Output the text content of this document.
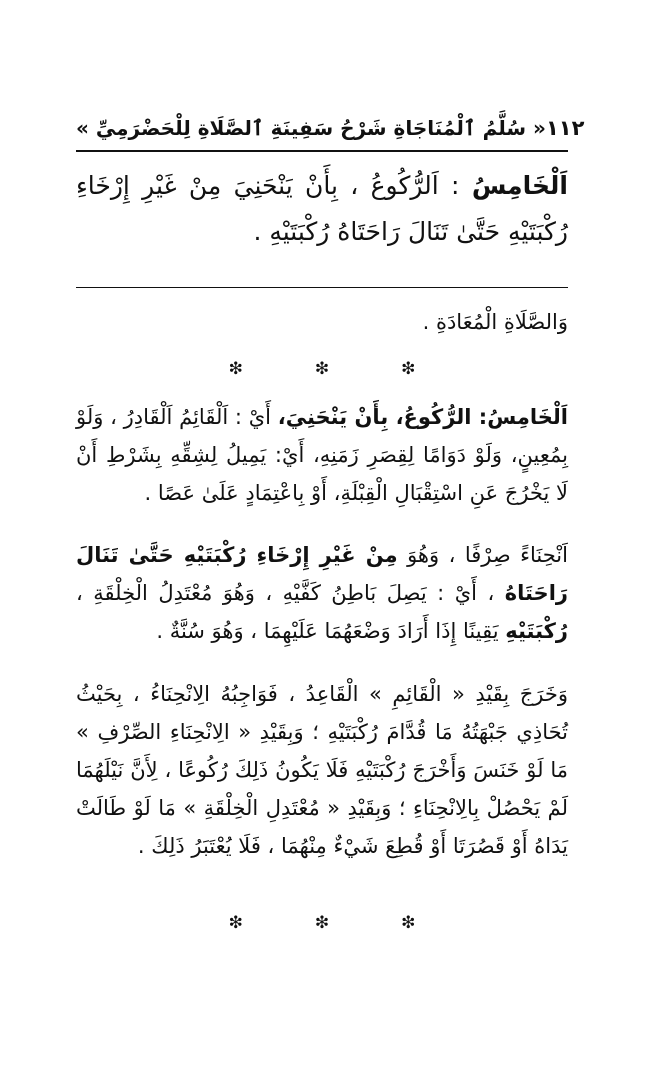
« سُلَّمُ ٱلْمُنَاجَاةِ شَرْحُ سَفِينَةِ ٱلصَّلَاةِ لِلْحَضْرَمِيِّ » ١١٢
اَلْخَامِسُ : اَلرُّكُوعُ ، بِأَنْ يَنْحَنِيَ مِنْ غَيْرِ إِرْخَاءِ رُكْبَتَيْهِ حَتَّىٰ تَنَالَ رَاحَتَاهُ رُكْبَتَيْهِ .
وَالصَّلَاةِ الْمُعَادَةِ .
❇	❇	❇
اَلْخَامِسُ: الرُّكُوعُ، بِأَنْ يَنْحَنِيَ، أَيْ : اَلْقَائِمُ اَلْقَادِرُ ، وَلَوْ بِمُعِينٍ، وَلَوْ دَوَامًا لِقِصَرِ زَمَنِهِ، أَيْ: يَمِيلُ لِشِقِّهِ بِشَرْطِ أَنْ لَا يَخْرُجَ عَنِ اسْتِقْبَالِ الْقِبْلَةِ، أَوْ بِاعْتِمَادٍ عَلَىٰ عَصًا .
اَنْحِنَاءً صِرْفًا ، وَهُوَ مِنْ غَيْرِ إِرْخَاءِ رُكْبَتَيْهِ حَتَّىٰ تَنَالَ رَاحَتَاهُ ، أَيْ : يَصِلَ بَاطِنُ كَفَّيْهِ ، وَهُوَ مُعْتَدِلُ الْخِلْقَةِ ، رُكْبَتَيْهِ يَقِينًا إِذَا أَرَادَ وَضْعَهُمَا عَلَيْهِمَا ، وَهُوَ سُنَّةٌ .
وَخَرَجَ بِقَيْدِ « الْقَائِمِ » الْقَاعِدُ ، فَوَاجِبُهُ الِانْحِنَاءُ ، بِحَيْثُ تُحَاذِي جَبْهَتُهُ مَا قُدَّامَ رُكْبَتَيْهِ ؛ وَبِقَيْدِ « الِانْحِنَاءِ الصِّرْفِ » مَا لَوْ خَنَسَ وَأَخْرَجَ رُكْبَتَيْهِ فَلَا يَكُونُ ذَلِكَ رُكُوعًا ، لِأَنَّ نَيْلَهُمَا لَمْ يَحْصُلْ بِالِانْحِنَاءِ ؛ وَبِقَيْدِ « مُعْتَدِلِ الْخِلْقَةِ » مَا لَوْ طَالَتْ يَدَاهُ أَوْ قَصُرَتَا أَوْ قُطِعَ شَيْءٌ مِنْهُمَا ، فَلَا يُعْتَبَرُ ذَلِكَ .
❇	❇	❇
